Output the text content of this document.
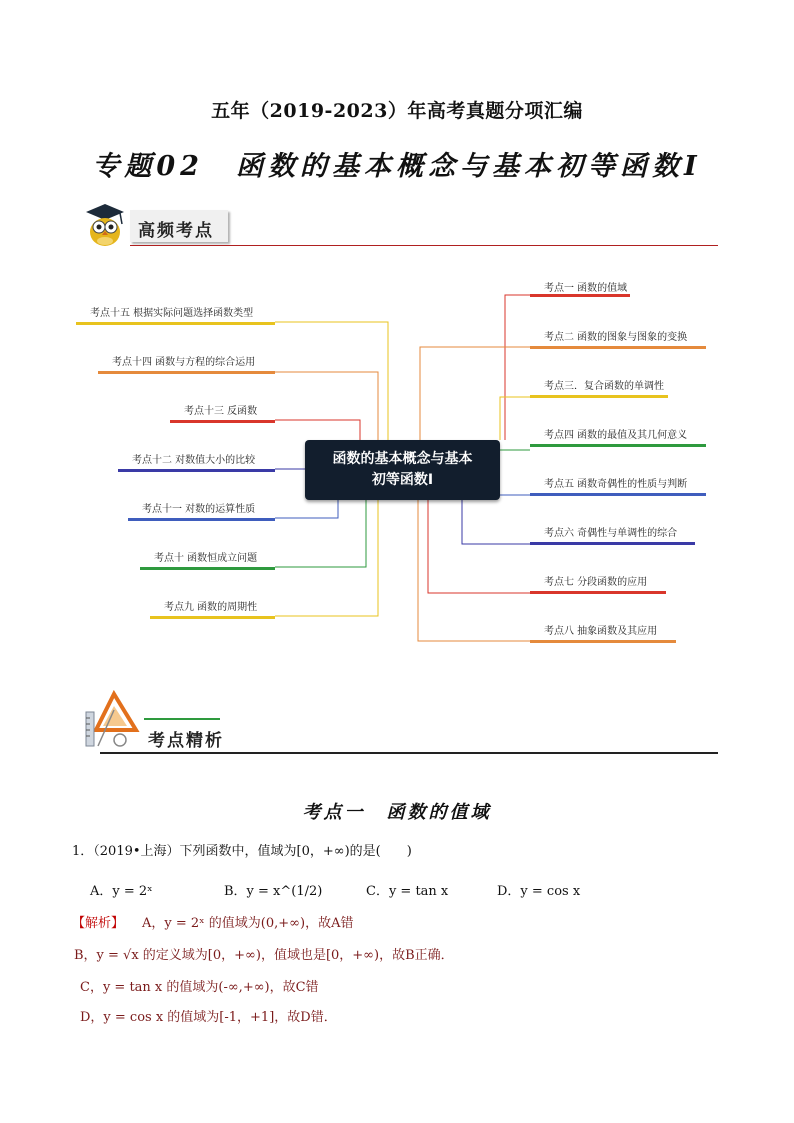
五年（2019-2023）年高考真题分项汇编
专题02　函数的基本概念与基本初等函数I
高频考点
函数的基本概念与基本
初等函数I
考点一 函数的值域
考点二 函数的图象与图象的变换
考点三．复合函数的单调性
考点四 函数的最值及其几何意义
考点五 函数奇偶性的性质与判断
考点六 奇偶性与单调性的综合
考点七 分段函数的应用
考点八 抽象函数及其应用
考点十五 根据实际问题选择函数类型
考点十四 函数与方程的综合运用
考点十三 反函数
考点十二 对数值大小的比较
考点十一 对数的运算性质
考点十 函数恒成立问题
考点九 函数的周期性
考点精析
考点一　函数的值域
1．（2019•上海）下列函数中，值域为[0，+∞)的是(　　)
A．y = 2ˣ	B．y = x^(1/2)	C．y = tan x	D．y = cos x
【解析】 A，y = 2ˣ 的值域为(0,+∞)，故A错
B，y = √x 的定义域为[0，+∞)，值域也是[0，+∞)，故B正确．
C，y = tan x 的值域为(-∞,+∞)，故C错
D，y = cos x 的值域为[-1，+1]，故D错．
